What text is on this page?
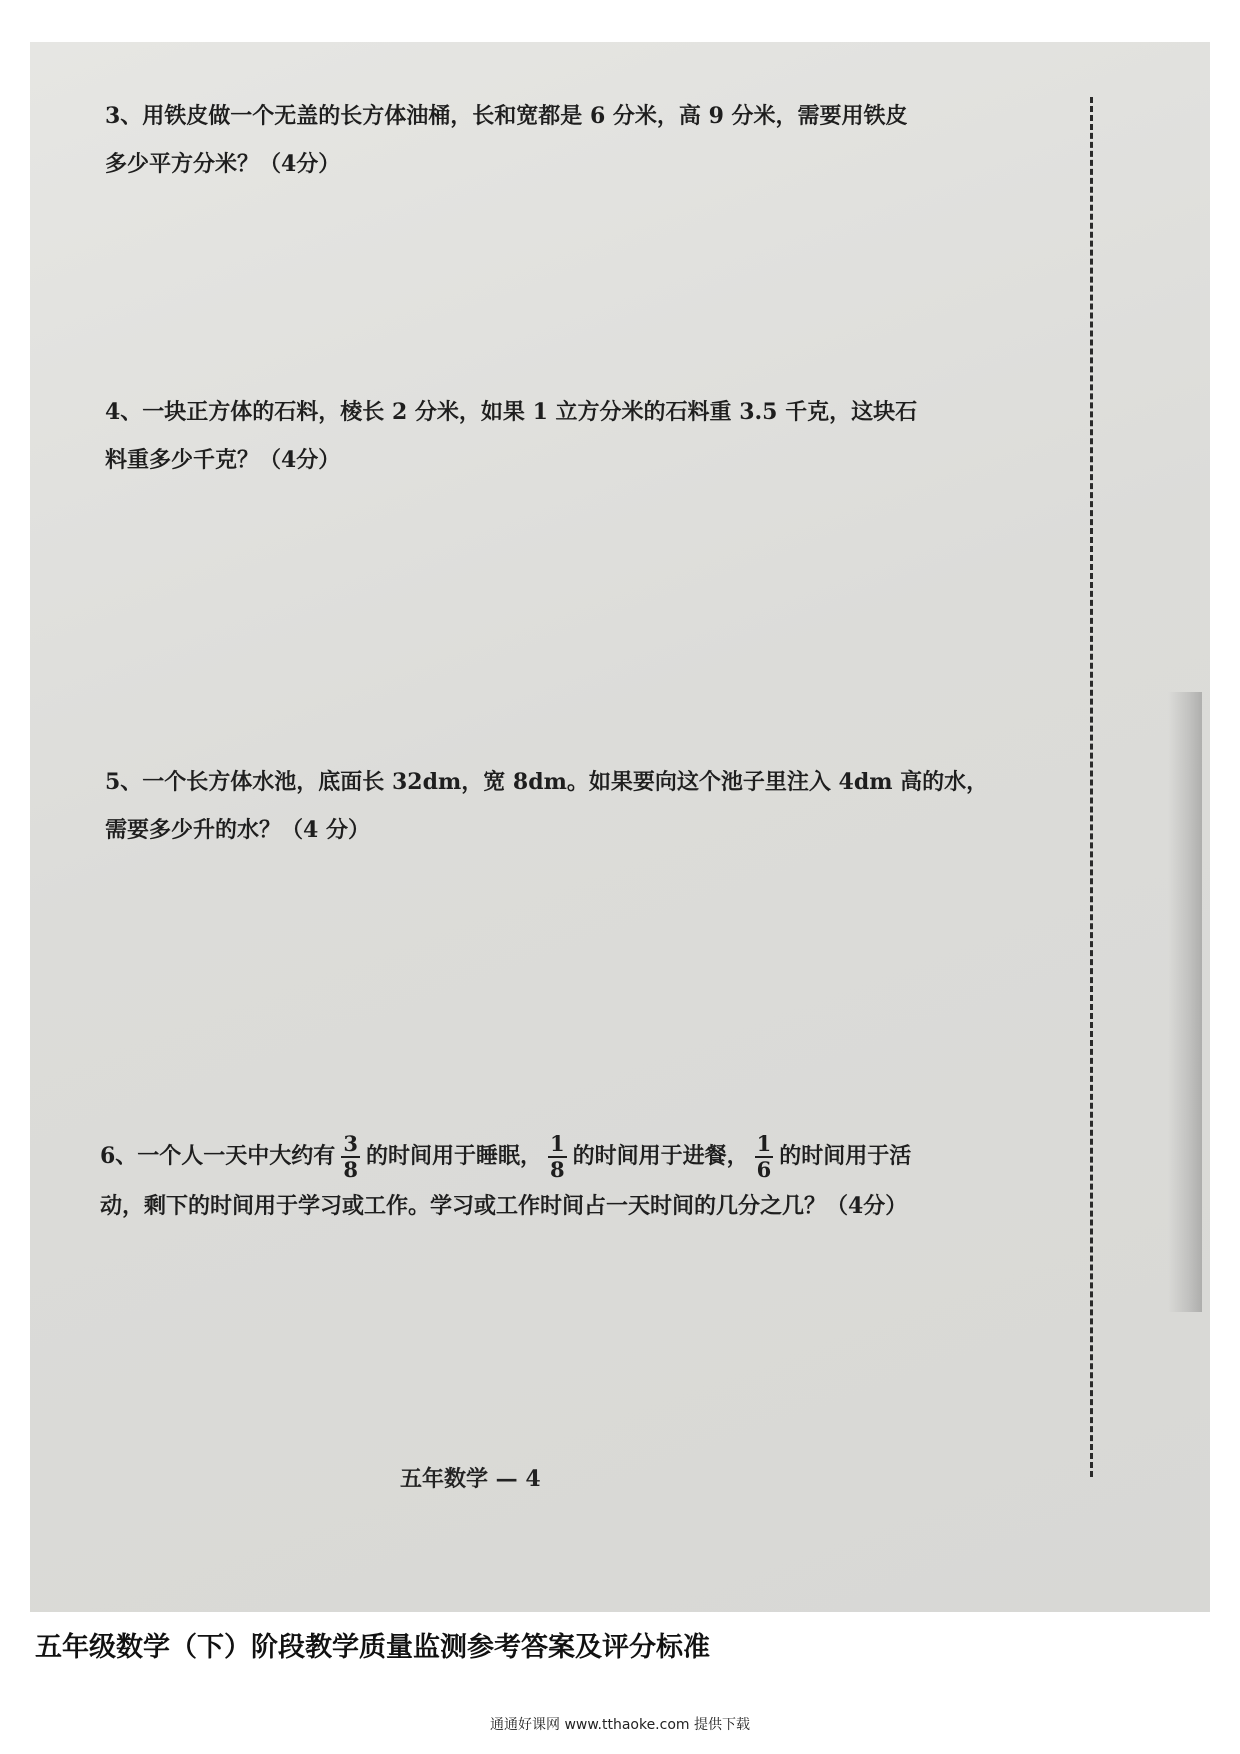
3、用铁皮做一个无盖的长方体油桶，长和宽都是 6 分米，高 9 分米，需要用铁皮

多少平方分米？（4分）

4、一块正方体的石料，棱长 2 分米，如果 1 立方分米的石料重 3.5 千克，这块石

料重多少千克？（4分）

5、一个长方体水池，底面长 32dm，宽 8dm。如果要向这个池子里注入 4dm 高的水，

需要多少升的水？（4 分）

6、一个人一天中大约有 $\frac{3}{8}$ 的时间用于睡眠， $\frac{1}{8}$ 的时间用于进餐， $\frac{1}{6}$ 的时间用于活

动，剩下的时间用于学习或工作。学习或工作时间占一天时间的几分之几？（4分）

五年数学 — 4
五年级数学（下）阶段教学质量监测参考答案及评分标准
通通好课网 www.tthaoke.com 提供下载
